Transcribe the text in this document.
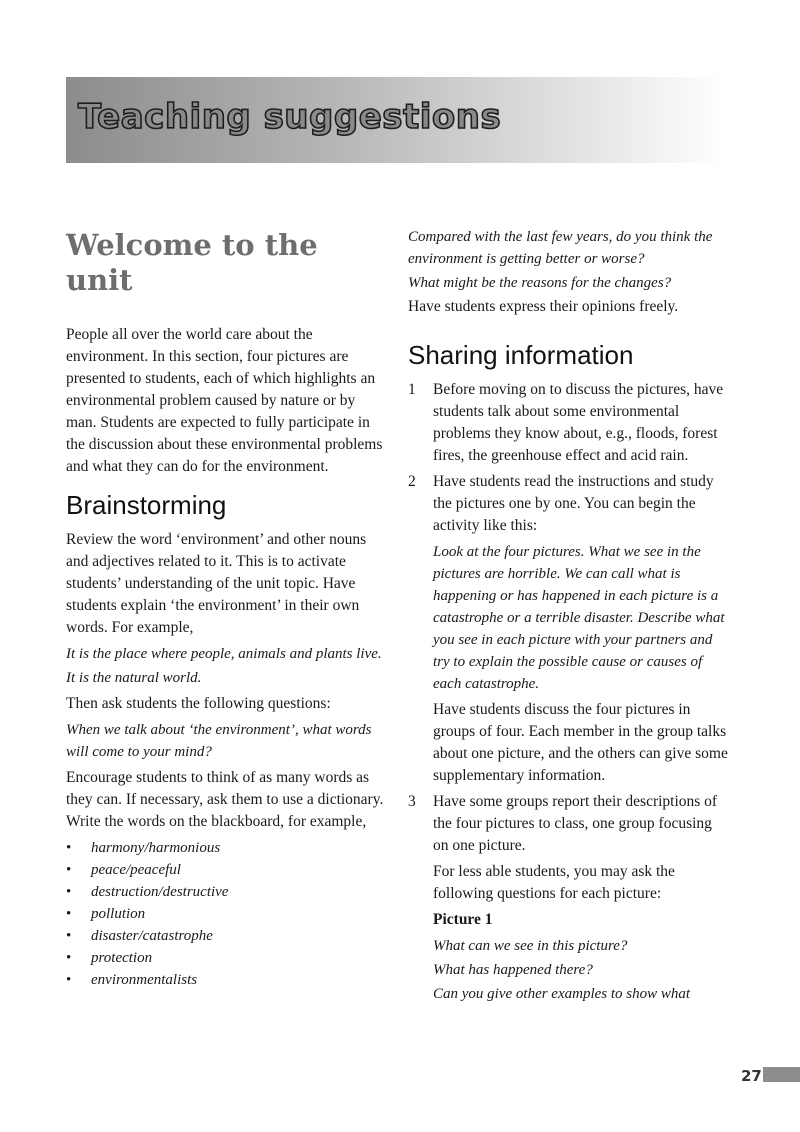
Teaching suggestions
Welcome to the unit

People all over the world care about the environment. In this section, four pictures are presented to students, each of which highlights an environmental problem caused by nature or by man. Students are expected to fully participate in the discussion about these environmental problems and what they can do for the environment.

Brainstorming

Review the word ‘environment’ and other nouns and adjectives related to it. This is to activate students’ understanding of the unit topic. Have students explain ‘the environment’ in their own words. For example,

It is the place where people, animals and plants live.

It is the natural world.

Then ask students the following questions:

When we talk about ‘the environment’, what words will come to your mind?

Encourage students to think of as many words as they can. If necessary, ask them to use a dictionary. Write the words on the blackboard, for example,

• harmony/harmonious
• peace/peaceful
• destruction/destructive
• pollution
• disaster/catastrophe
• protection
• environmentalists

Compared with the last few years, do you think the environment is getting better or worse?

What might be the reasons for the changes?

Have students express their opinions freely.

Sharing information
1 Before moving on to discuss the pictures, have students talk about some environmental problems they know about, e.g., floods, forest fires, the greenhouse effect and acid rain.

2 Have students read the instructions and study the pictures one by one. You can begin the activity like this:

Look at the four pictures. What we see in the pictures are horrible. We can call what is happening or has happened in each picture is a catastrophe or a terrible disaster. Describe what you see in each picture with your partners and try to explain the possible cause or causes of each catastrophe.

Have students discuss the four pictures in groups of four. Each member in the group talks about one picture, and the others can give some supplementary information.

3 Have some groups report their descriptions of the four pictures to class, one group focusing on one picture.

For less able students, you may ask the following questions for each picture:

Picture 1

What can we see in this picture?

What has happened there?

Can you give other examples to show what

27
